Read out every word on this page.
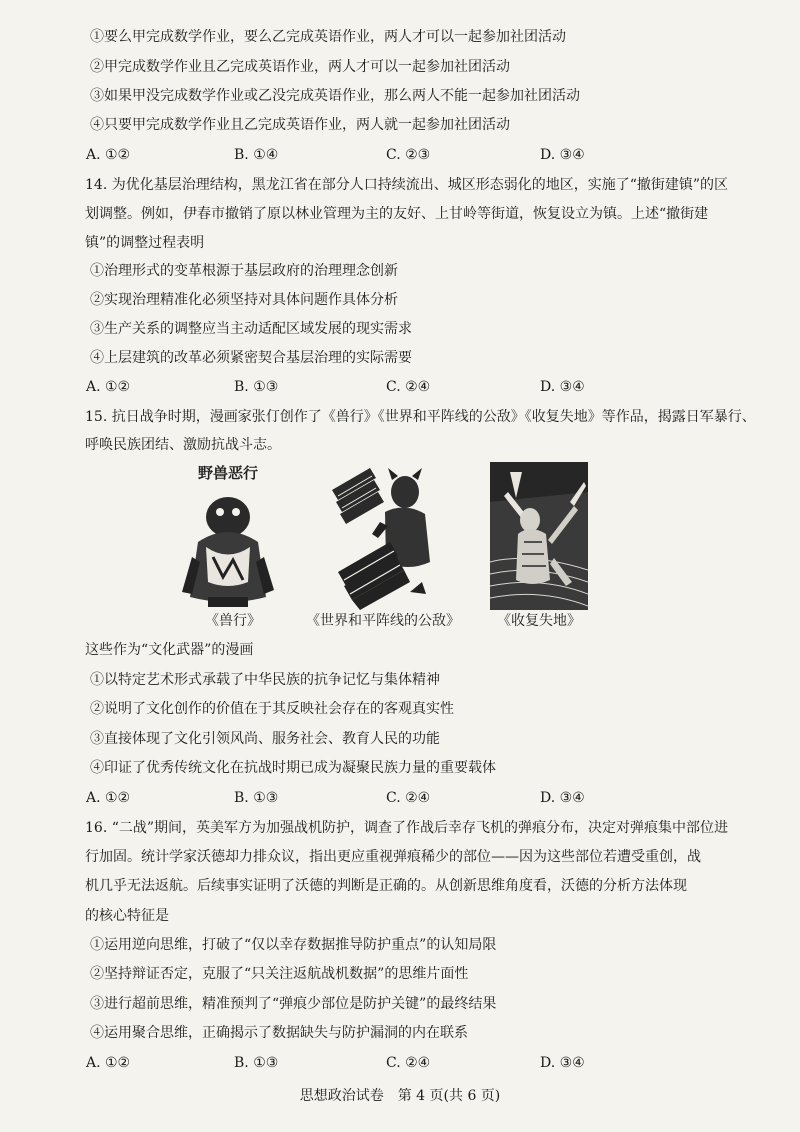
①要么甲完成数学作业，要么乙完成英语作业，两人才可以一起参加社团活动
②甲完成数学作业且乙完成英语作业，两人才可以一起参加社团活动
③如果甲没完成数学作业或乙没完成英语作业，那么两人不能一起参加社团活动
④只要甲完成数学作业且乙完成英语作业，两人就一起参加社团活动
A. ①②	B. ①④	C. ②③	D. ③④
14. 为优化基层治理结构，黑龙江省在部分人口持续流出、城区形态弱化的地区，实施了“撤街建镇”的区
划调整。例如，伊春市撤销了原以林业管理为主的友好、上甘岭等街道，恢复设立为镇。上述“撤街建
镇”的调整过程表明
①治理形式的变革根源于基层政府的治理理念创新
②实现治理精准化必须坚持对具体问题作具体分析
③生产关系的调整应当主动适配区域发展的现实需求
④上层建筑的改革必须紧密契合基层治理的实际需要
A. ①②	B. ①③	C. ②④	D. ③④
15. 抗日战争时期，漫画家张仃创作了《兽行》《世界和平阵线的公敌》《收复失地》等作品，揭露日军暴行、
呼唤民族团结、激励抗战斗志。
野兽恶行
《兽行》	《世界和平阵线的公敌》	《收复失地》
这些作为“文化武器”的漫画
①以特定艺术形式承载了中华民族的抗争记忆与集体精神
②说明了文化创作的价值在于其反映社会存在的客观真实性
③直接体现了文化引领风尚、服务社会、教育人民的功能
④印证了优秀传统文化在抗战时期已成为凝聚民族力量的重要载体
A. ①②	B. ①③	C. ②④	D. ③④
16. “二战”期间，英美军方为加强战机防护，调查了作战后幸存飞机的弹痕分布，决定对弹痕集中部位进
行加固。统计学家沃德却力排众议，指出更应重视弹痕稀少的部位——因为这些部位若遭受重创，战
机几乎无法返航。后续事实证明了沃德的判断是正确的。从创新思维角度看，沃德的分析方法体现
的核心特征是
①运用逆向思维，打破了“仅以幸存数据推导防护重点”的认知局限
②坚持辩证否定，克服了“只关注返航战机数据”的思维片面性
③进行超前思维，精准预判了“弹痕少部位是防护关键”的最终结果
④运用聚合思维，正确揭示了数据缺失与防护漏洞的内在联系
A. ①②	B. ①③	C. ②④	D. ③④
思想政治试卷　第 4 页(共 6 页)
